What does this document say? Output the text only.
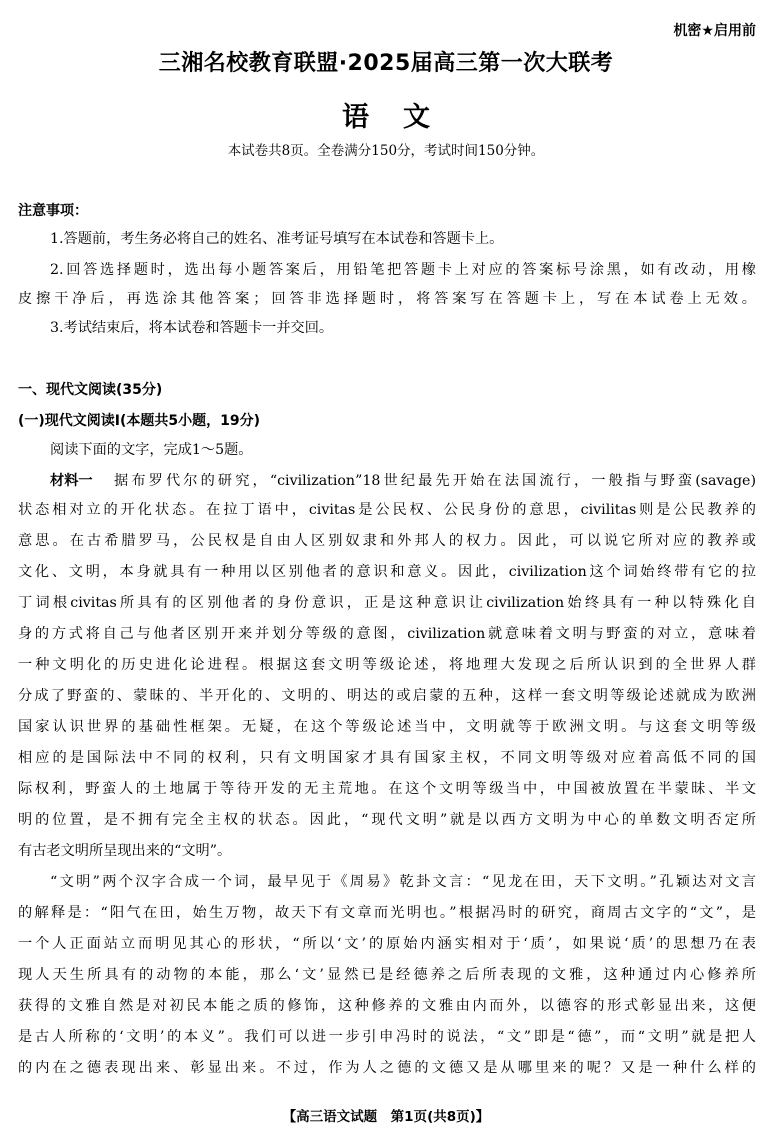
机密★启用前
三湘名校教育联盟·2025届高三第一次大联考
语文
本试卷共8页。全卷满分150分，考试时间150分钟。
注意事项：
1.答题前，考生务必将自己的姓名、准考证号填写在本试卷和答题卡上。
2.回答选择题时，选出每小题答案后，用铅笔把答题卡上对应的答案标号涂黑，如有改动，用橡
皮擦干净后，再选涂其他答案；回答非选择题时，将答案写在答题卡上，写在本试卷上无效。
3.考试结束后，将本试卷和答题卡一并交回。
一、现代文阅读(35分)
(一)现代文阅读Ⅰ(本题共5小题，19分)
阅读下面的文字，完成1～5题。
材料一 据布罗代尔的研究，“civilization”18世纪最先开始在法国流行，一般指与野蛮(savage)
状态相对立的开化状态。在拉丁语中，civitas是公民权、公民身份的意思，civilitas则是公民教养的
意思。在古希腊罗马，公民权是自由人区别奴隶和外邦人的权力。因此，可以说它所对应的教养或
文化、文明，本身就具有一种用以区别他者的意识和意义。因此，civilization这个词始终带有它的拉
丁词根civitas所具有的区别他者的身份意识，正是这种意识让civilization始终具有一种以特殊化自
身的方式将自己与他者区别开来并划分等级的意图，civilization就意味着文明与野蛮的对立，意味着
一种文明化的历史进化论进程。根据这套文明等级论述，将地理大发现之后所认识到的全世界人群
分成了野蛮的、蒙昧的、半开化的、文明的、明达的或启蒙的五种，这样一套文明等级论述就成为欧洲
国家认识世界的基础性框架。无疑，在这个等级论述当中，文明就等于欧洲文明。与这套文明等级
相应的是国际法中不同的权利，只有文明国家才具有国家主权，不同文明等级对应着高低不同的国
际权利，野蛮人的土地属于等待开发的无主荒地。在这个文明等级当中，中国被放置在半蒙昧、半文
明的位置，是不拥有完全主权的状态。因此，“现代文明”就是以西方文明为中心的单数文明否定所
有古老文明所呈现出来的“文明”。
“文明”两个汉字合成一个词，最早见于《周易》乾卦文言：“见龙在田，天下文明。”孔颖达对文言
的解释是：“阳气在田，始生万物，故天下有文章而光明也。”根据冯时的研究，商周古文字的“文”，是
一个人正面站立而明见其心的形状，“所以‘文’的原始内涵实相对于‘质’，如果说‘质’的思想乃在表
现人天生所具有的动物的本能，那么‘文’显然已是经德养之后所表现的文雅，这种通过内心修养所
获得的文雅自然是对初民本能之质的修饰，这种修养的文雅由内而外，以德容的形式彰显出来，这便
是古人所称的‘文明’的本义”。我们可以进一步引申冯时的说法，“文”即是“德”，而“文明”就是把人
的内在之德表现出来、彰显出来。不过，作为人之德的文德又是从哪里来的呢？又是一种什么样的
【高三语文试题　第1页(共8页)】
